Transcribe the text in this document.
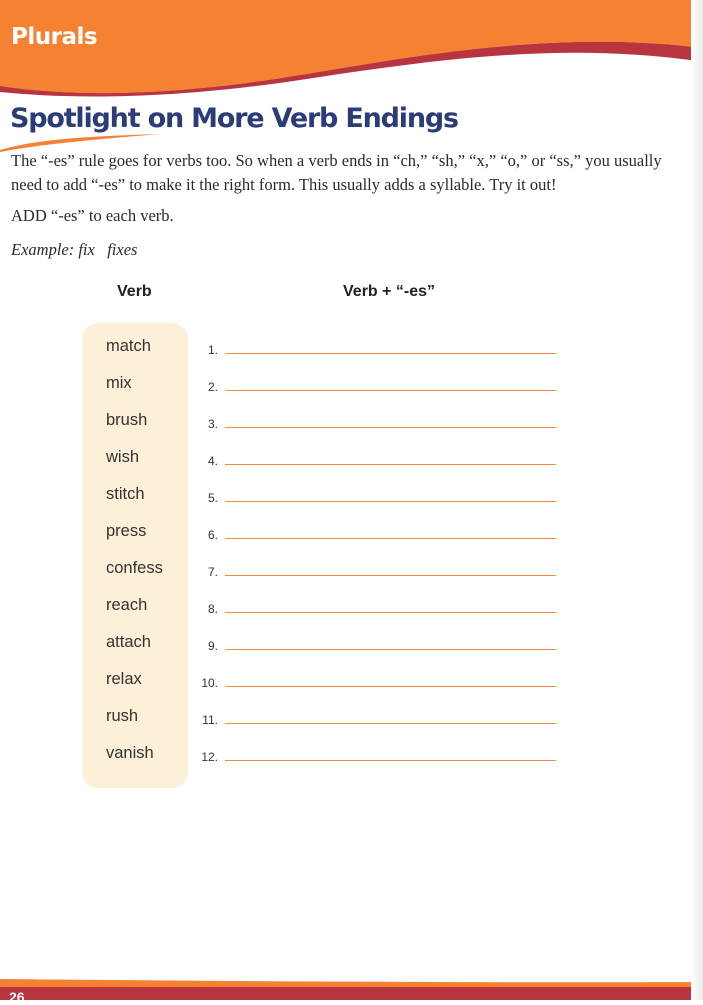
Plurals
Spotlight on More Verb Endings
The “-es” rule goes for verbs too. So when a verb ends in “ch,” “sh,” “x,” “o,” or “ss,” you usually
need to add “-es” to make it the right form. This usually adds a syllable. Try it out!
ADD “-es” to each verb.
Example: fix   fixes
Verb	Verb + “-es”
match	1.
mix	2.
brush	3.
wish	4.
stitch	5.
press	6.
confess	7.
reach	8.
attach	9.
relax	10.
rush	11.
vanish	12.
26
